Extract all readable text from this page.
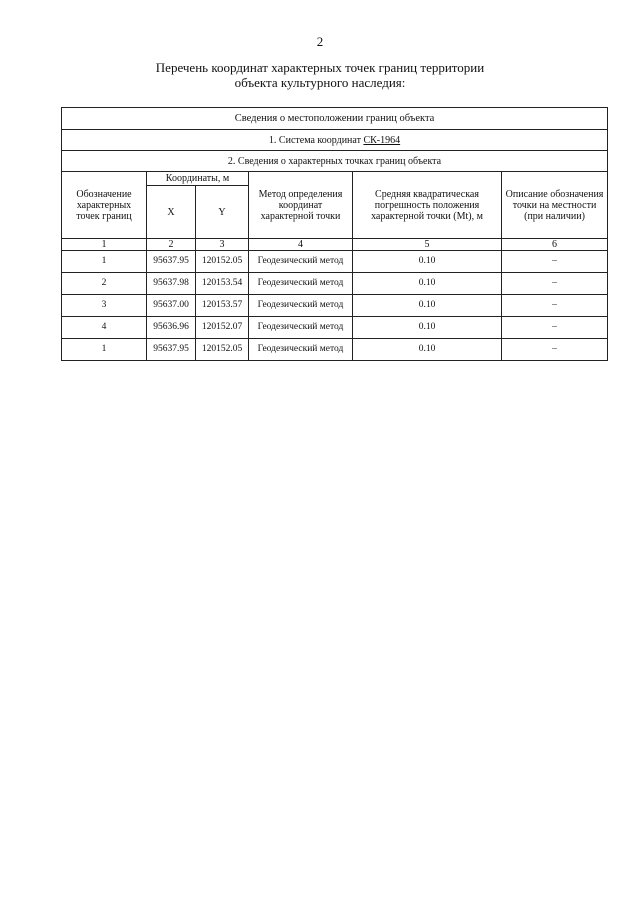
2
Перечень координат характерных точек границ территории
объекта культурного наследия:
Сведения о местоположении границ объекта					
1. Система координат СК-1964					
2. Сведения о характерных точках границ объекта					
Обозначение характерных точек границ	Координаты, м		Метод определения координат характерной точки	Средняя квадратическая погрешность положения характерной точки (Mt), м	Описание обозначения точки на местности (при наличии)
	X	Y			
1	2	3	4	5	6
1	95637.95	120152.05	Геодезический метод	0.10	–
2	95637.98	120153.54	Геодезический метод	0.10	–
3	95637.00	120153.57	Геодезический метод	0.10	–
4	95636.96	120152.07	Геодезический метод	0.10	–
1	95637.95	120152.05	Геодезический метод	0.10	–
